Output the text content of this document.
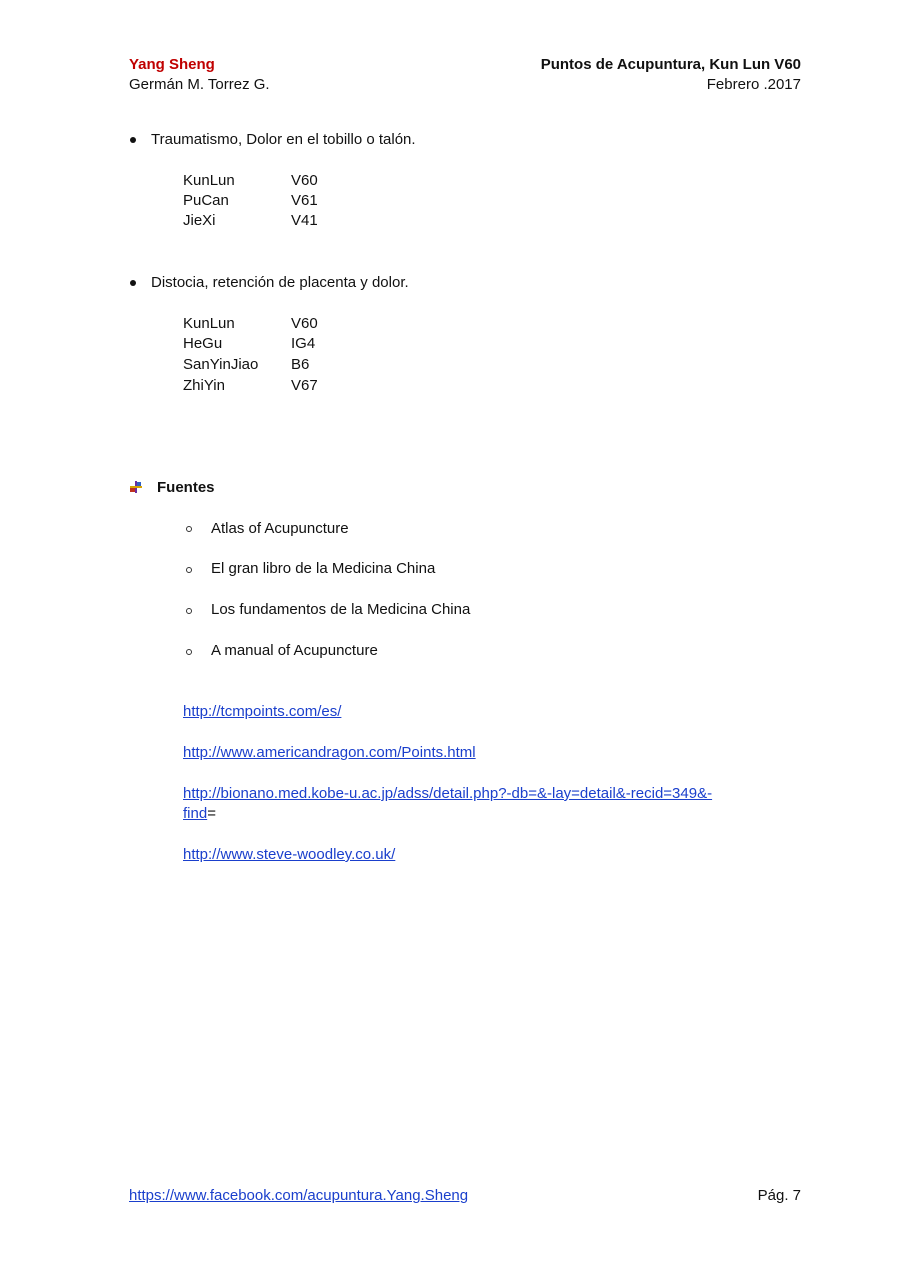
Yang Sheng
Germán M. Torrez G.
Puntos de Acupuntura, Kun Lun V60
Febrero .2017
Traumatismo, Dolor en el tobillo o talón.
KunLun	V60
PuCan	V61
JieXi	V41
Distocia, retención de placenta y dolor.
KunLun	V60
HeGu	IG4
SanYinJiao B6
ZhiYin	V67
Fuentes
Atlas of Acupuncture
El gran libro de la Medicina China
Los fundamentos de la Medicina China
A manual of Acupuncture
http://tcmpoints.com/es/
http://www.americandragon.com/Points.html
http://bionano.med.kobe-u.ac.jp/adss/detail.php?-db=&-lay=detail&-recid=349&-
find=
http://www.steve-woodley.co.uk/
https://www.facebook.com/acupuntura.Yang.Sheng	Pág. 7
